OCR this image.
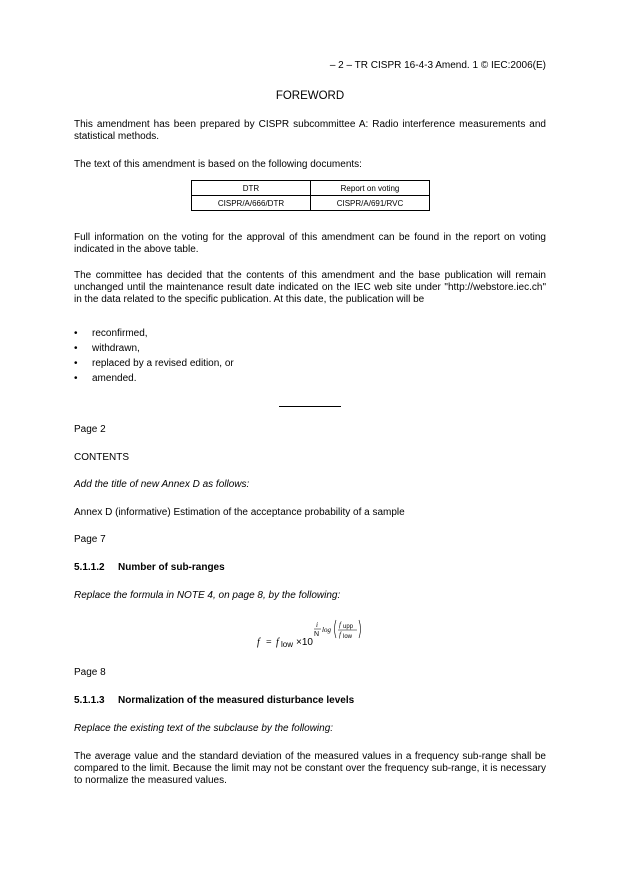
– 2 – TR CISPR 16-4-3 Amend. 1 © IEC:2006(E)
FOREWORD
This amendment has been prepared by CISPR subcommittee A: Radio interference measurements and statistical methods.
The text of this amendment is based on the following documents:
DTR	Report on voting
CISPR/A/666/DTR	CISPR/A/691/RVC
Full information on the voting for the approval of this amendment can be found in the report on voting indicated in the above table.
The committee has decided that the contents of this amendment and the base publication will remain unchanged until the maintenance result date indicated on the IEC web site under "http://webstore.iec.ch" in the data related to the specific publication. At this date, the publication will be
• reconfirmed,
• withdrawn,
• replaced by a revised edition, or
• amended.
Page 2
CONTENTS
Add the title of new Annex D as follows:
Annex D (informative) Estimation of the acceptance probability of a sample
Page 7
5.1.1.2 Number of sub-ranges
Replace the formula in NOTE 4, on page 8, by the following:
f = f low ×10
i
N
log
f upp
f low
Page 8
5.1.1.3 Normalization of the measured disturbance levels
Replace the existing text of the subclause by the following:
The average value and the standard deviation of the measured values in a frequency sub-range shall be compared to the limit. Because the limit may not be constant over the frequency sub-range, it is necessary to normalize the measured values.
